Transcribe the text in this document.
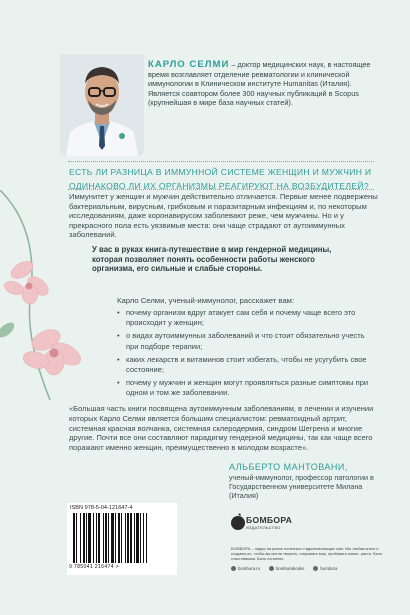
КАРЛО СЕЛМИ – доктор медицинских наук, в настоящее время возглавляет отделение ревматологии и клинической иммунологии в Клиническом институте Humanitas (Италия). Является соавтором более 300 научных публикаций в Scopus (крупнейшая в мире база научных статей).
ЕСТЬ ЛИ РАЗНИЦА В ИММУННОЙ СИСТЕМЕ ЖЕНЩИН И МУЖЧИН И ОДИНАКОВО ЛИ ИХ ОРГАНИЗМЫ РЕАГИРУЮТ НА ВОЗБУДИТЕЛЕЙ?
Иммунитет у женщин и мужчин действительно отличается. Первые менее подвержены бактериальным, вирусным, грибковым и паразитарным инфекциям и, по некоторым исследованиям, даже коронавирусом заболевают реже, чем мужчины. Но и у прекрасного пола есть уязвимые места: они чаще страдают от аутоиммунных заболеваний.
У вас в руках книга-путешествие в мир гендерной медицины, которая позволяет понять особенности работы женского организма, его сильные и слабые стороны.
Карло Селми, ученый-иммунолог, расскажет вам:
• почему организм вдруг атакует сам себя и почему чаще всего это происходит у женщин;
• о видах аутоиммунных заболеваний и что стоит обязательно учесть при подборе терапии;
• каких лекарств и витаминов стоит избегать, чтобы не усугубить свое состояние;
• почему у мужчин и женщин могут проявляться разные симптомы при одном и том же заболевании.
«Большая часть книги посвящена аутоиммунным заболеваниям, в лечении и изучении которых Карло Селми является большим специалистом: ревматоидный артрит, системная красная волчанка, системная склеродермия, синдром Шегрена и многие другие. Почти все они составляют парадигму гендерной медицины, так как чаще всего поражают именно женщин, преимущественно в молодом возрасте».
АЛЬБЕРТО МАНТОВАНИ,
ученый-иммунолог, профессор патологии в Государственном университете Милана (Италия)
ISBN 978-5-04-121647-4
9 785041 216474 >
БОМБОРА
ИЗДАТЕЛЬСТВО
БОМБОРА – лидер на рынке полезных и вдохновляющих книг. Мы любим книги и создаем их, чтобы вы могли творить, открывать мир, пробовать новое, расти. Быть счастливыми. Быть на волне.
bombora.ru	bomborabooks	bombora
